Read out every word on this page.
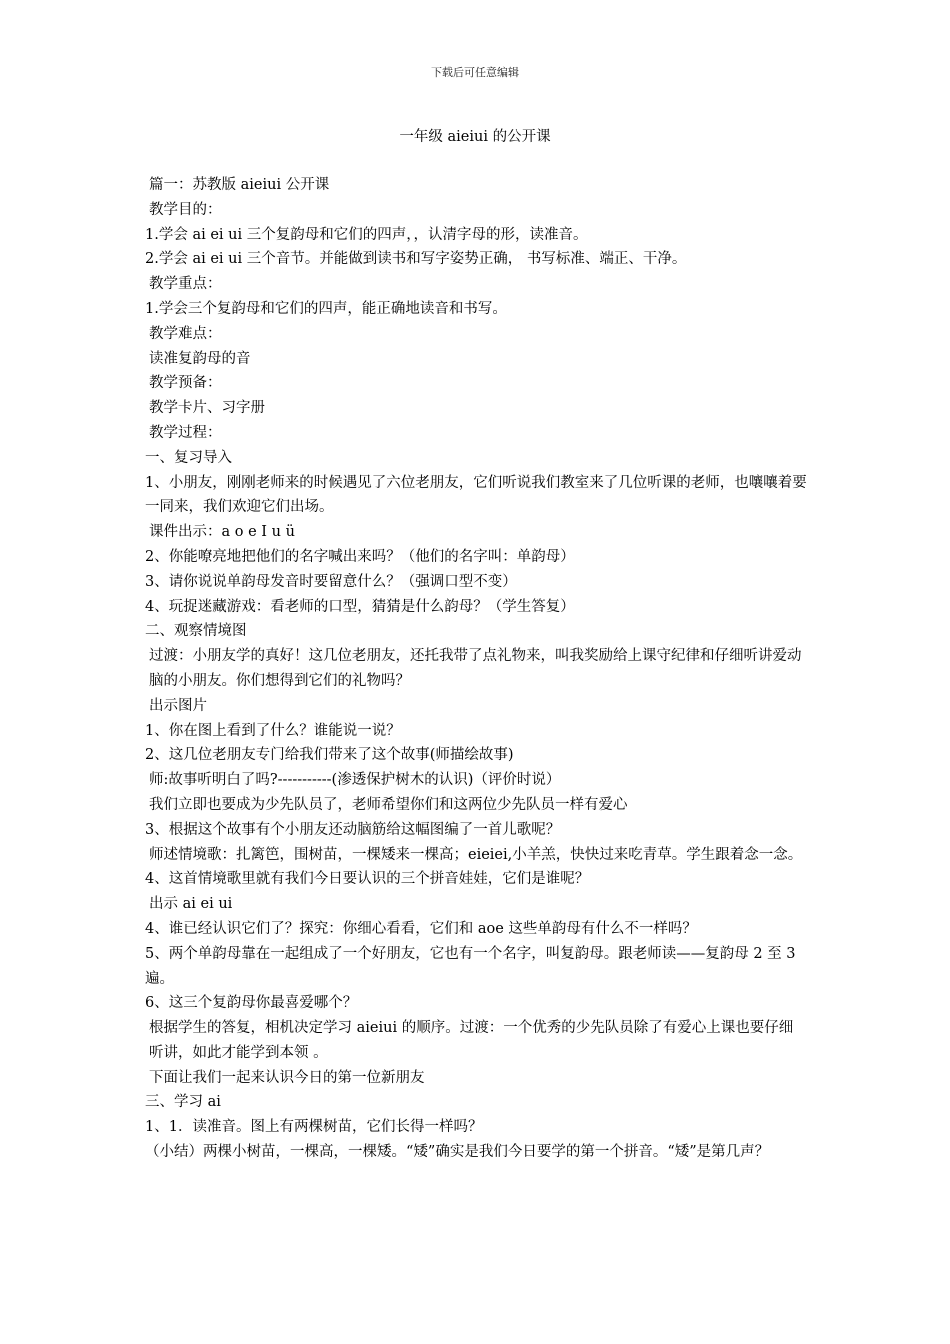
下载后可任意编辑
一年级 aieiui 的公开课

篇一：苏教版 aieiui 公开课

教学目的：

1.学会 ai ei ui 三个复韵母和它们的四声，，认清字母的形，读准音。

2.学会 ai ei ui 三个音节。并能做到读书和写字姿势正确， 书写标准、端正、干净。

教学重点：

1.学会三个复韵母和它们的四声，能正确地读音和书写。

教学难点：

读准复韵母的音

教学预备：

教学卡片、习字册

教学过程：

一、复习导入

1、小朋友，刚刚老师来的时候遇见了六位老朋友，它们听说我们教室来了几位听课的老师，也嚷嚷着要一同来，我们欢迎它们出场。

课件出示：a o e I u ü

2、你能嘹亮地把他们的名字喊出来吗？（他们的名字叫：单韵母）

3、请你说说单韵母发音时要留意什么？（强调口型不变）

4、玩捉迷藏游戏：看老师的口型，猜猜是什么韵母？（学生答复）

二、观察情境图

过渡：小朋友学的真好！这几位老朋友，还托我带了点礼物来，叫我奖励给上课守纪律和仔细听讲爱动脑的小朋友。你们想得到它们的礼物吗？

出示图片

1、你在图上看到了什么？谁能说一说？

2、这几位老朋友专门给我们带来了这个故事(师描绘故事)

师:故事听明白了吗?-----------(渗透保护树木的认识)（评价时说）

我们立即也要成为少先队员了，老师希望你们和这两位少先队员一样有爱心

3、根据这个故事有个小朋友还动脑筋给这幅图编了一首儿歌呢？

师述情境歌：扎篱笆，围树苗，一棵矮来一棵高；eieiei,小羊羔，快快过来吃青草。学生跟着念一念。

4、这首情境歌里就有我们今日要认识的三个拼音娃娃，它们是谁呢？

出示 ai ei ui

4、谁已经认识它们了？探究：你细心看看，它们和 aoe 这些单韵母有什么不一样吗？

5、两个单韵母靠在一起组成了一个好朋友，它也有一个名字，叫复韵母。跟老师读——复韵母 2 至 3 遍。

6、这三个复韵母你最喜爱哪个？

根据学生的答复，相机决定学习 aieiui 的顺序。过渡：一个优秀的少先队员除了有爱心上课也要仔细听讲，如此才能学到本领 。

下面让我们一起来认识今日的第一位新朋友

三、学习 ai

1、1．读准音。图上有两棵树苗，它们长得一样吗？

（小结）两棵小树苗，一棵高，一棵矮。“矮”确实是我们今日要学的第一个拼音。“矮”是第几声？
